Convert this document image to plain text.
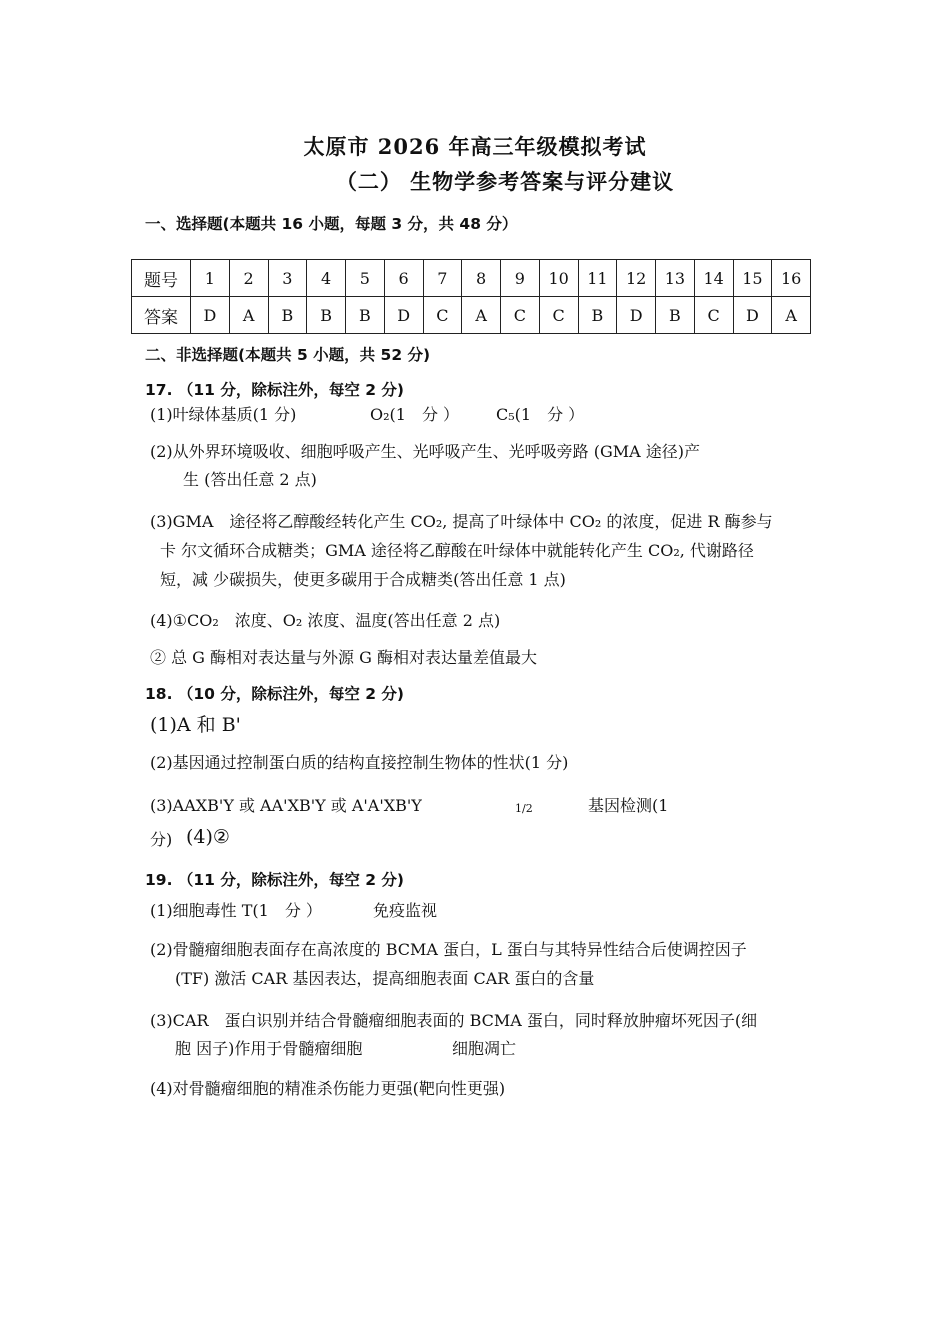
太原市 2026 年高三年级模拟考试
（二） 生物学参考答案与评分建议
一、选择题(本题共 16 小题，每题 3 分，共 48 分）
题号	1	2	3	4	5	6	7	8	9	10	11	12	13	14	15	16
答案	D	A	B	B	B	D	C	A	C	C	B	D	B	C	D	A
二、非选择题(本题共 5 小题，共 52 分)
17. （11 分，除标注外，每空 2 分)
(1)叶绿体基质(1 分)	O₂(1　分 ） C₅(1　分 ）
(2)从外界环境吸收、细胞呼吸产生、光呼吸产生、光呼吸旁路 (GMA 途径)产
生 (答出任意 2 点)
(3)GMA　途径将乙醇酸经转化产生 CO₂, 提高了叶绿体中 CO₂ 的浓度，促进 R 酶参与
卡 尔文循环合成糖类；GMA 途径将乙醇酸在叶绿体中就能转化产生 CO₂, 代谢路径
短，减 少碳损失，使更多碳用于合成糖类(答出任意 1 点)
(4)①CO₂　浓度、O₂ 浓度、温度(答出任意 2 点)
② 总 G 酶相对表达量与外源 G 酶相对表达量差值最大
18. （10 分，除标注外，每空 2 分)
(1)A 和 B'
(2)基因通过控制蛋白质的结构直接控制生物体的性状(1 分)
(3)AAXB'Y 或 AA'XB'Y 或 A'A'XB'Y	1/2	基因检测(1
分) (4)②
19. （11 分，除标注外，每空 2 分)
(1)细胞毒性 T(1　分 ）	免疫监视
(2)骨髓瘤细胞表面存在高浓度的 BCMA 蛋白，L 蛋白与其特异性结合后使调控因子
(TF) 激活 CAR 基因表达，提高细胞表面 CAR 蛋白的含量
(3)CAR　蛋白识别并结合骨髓瘤细胞表面的 BCMA 蛋白，同时释放肿瘤坏死因子(细
胞 因子)作用于骨髓瘤细胞	细胞凋亡
(4)对骨髓瘤细胞的精准杀伤能力更强(靶向性更强)
